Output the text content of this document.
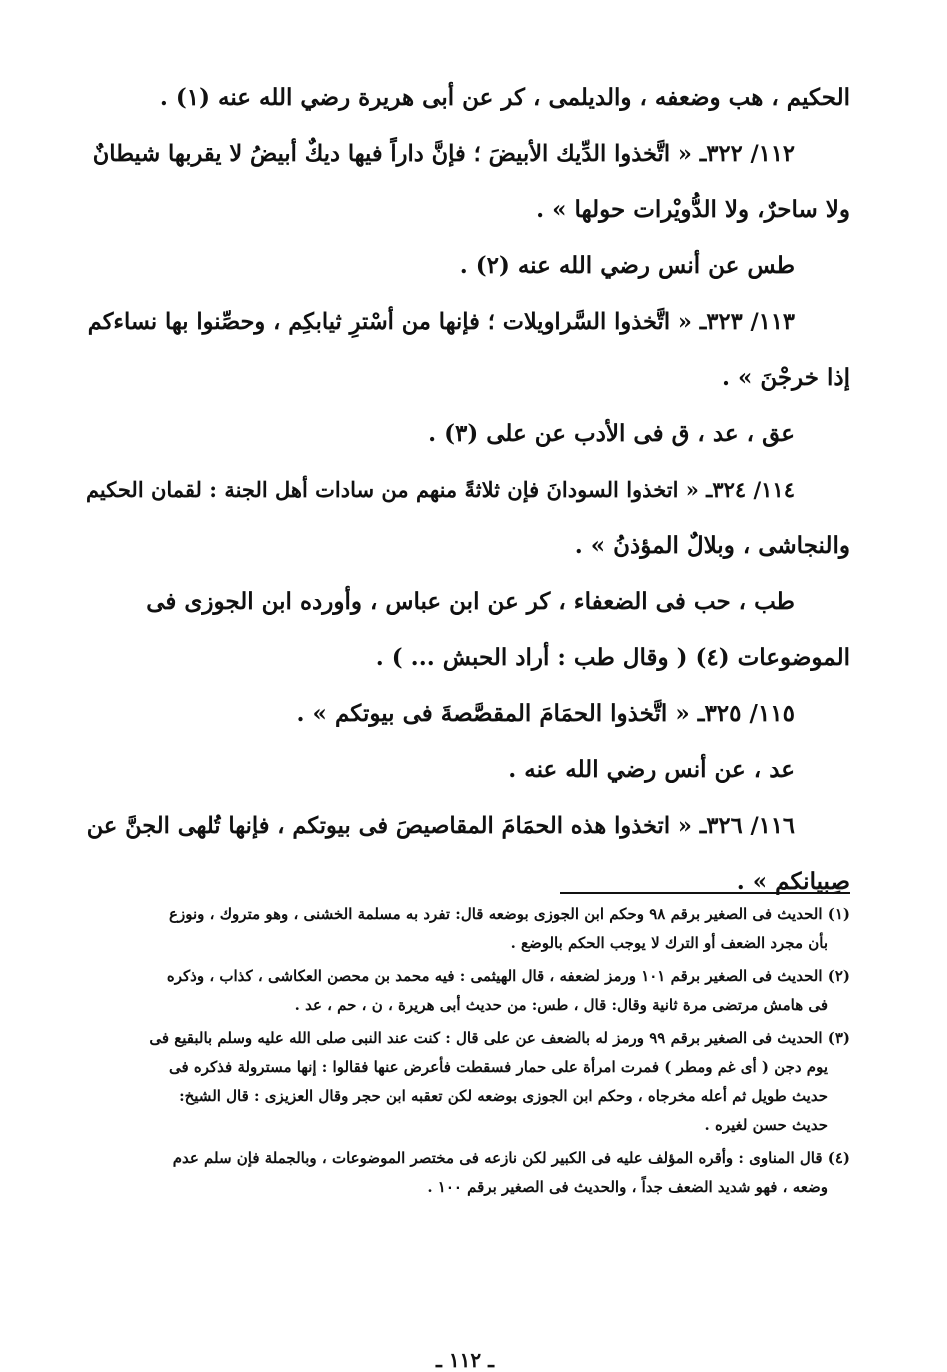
الحكيم ، هب وضعفه ، والديلمى ، كر عن أبى هريرة رضي الله عنه (١) .
١١٢/ ٣٢٢ـ « اتَّخذوا الدِّيك الأبيضَ ؛ فإنَّ داراً فيها ديكٌ أبيضُ لا يقربها شيطانٌ
ولا ساحرٌ، ولا الدُّويْرات حولها » .
طس عن أنس رضي الله عنه (٢) .
١١٣/ ٣٢٣ـ « اتَّخذوا السَّراويلات ؛ فإنها من أسْترِ ثيابكِم ، وحصِّنوا بها نساءكم
إذا خرجْنَ » .
عق ، عد ، ق فى الأدب عن على (٣) .
١١٤/ ٣٢٤ـ « اتخذوا السودانَ فإن ثلاثةً منهم من سادات أهل الجنة : لقمان الحكيم
والنجاشى ، وبلالٌ المؤذنُ » .
طب ، حب فى الضعفاء ، كر عن ابن عباس ، وأورده ابن الجوزى فى
الموضوعات (٤) ( وقال طب : أراد الحبش ... ) .
١١٥/ ٣٢٥ـ « اتَّخذوا الحمَامَ المقصَّصةَ فى بيوتكم » .
عد ، عن أنس رضي الله عنه .
١١٦/ ٣٢٦ـ « اتخذوا هذه الحمَامَ المقاصيصَ فى بيوتكم ، فإنها تُلهى الجنَّ عن
صِبيانكم » .
(١) الحديث فى الصغير برقم ٩٨ وحكم ابن الجوزى بوضعه قال: تفرد به مسلمة الخشنى ، وهو متروك ، ونوزع
بأن مجرد الضعف أو الترك لا يوجب الحكم بالوضع .
(٢) الحديث فى الصغير برقم ١٠١ ورمز لضعفه ، قال الهيثمى : فيه محمد بن محصن العكاشى ، كذاب ، وذكره
فى هامش مرتضى مرة ثانية وقال: قال ، طس: من حديث أبى هريرة ، ن ، حم ، عد .
(٣) الحديث فى الصغير برقم ٩٩ ورمز له بالضعف عن على قال : كنت عند النبى صلى الله عليه وسلم بالبقيع فى
يوم دجن ( أى غم ومطر ) فمرت امرأة على حمار فسقطت فأعرض عنها فقالوا : إنها مسترولة فذكره فى
حديث طويل ثم أعله مخرجاه ، وحكم ابن الجوزى بوضعه لكن تعقبه ابن حجر وقال العزيزى : قال الشيخ:
حديث حسن لغيره .
(٤) قال المناوى : وأقره المؤلف عليه فى الكبير لكن نازعه فى مختصر الموضوعات ، وبالجملة فإن سلم عدم
وضعه ، فهو شديد الضعف جداً ، والحديث فى الصغير برقم ١٠٠ .
ـ ١١٢ ـ
